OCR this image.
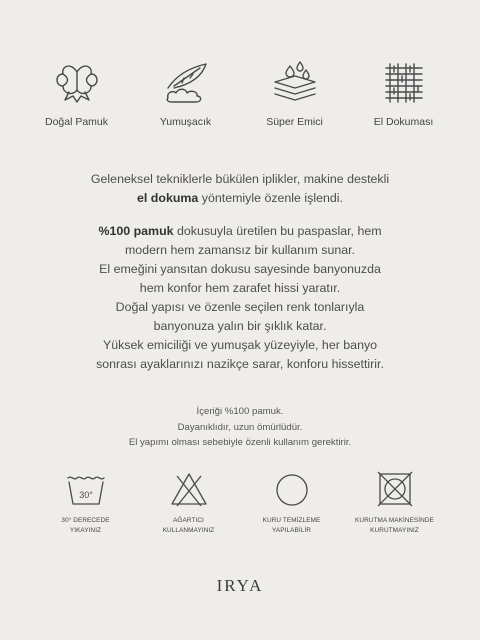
Doğal Pamuk	Yumuşacık	Süper Emici	El Dokuması

Geleneksel tekniklerle bükülen iplikler, makine destekli
el dokuma yöntemiyle özenle işlendi.

%100 pamuk dokusuyla üretilen bu paspaslar, hem
modern hem zamansız bir kullanım sunar.
El emeğini yansıtan dokusu sayesinde banyonuzda
hem konfor hem zarafet hissi yaratır.
Doğal yapısı ve özenle seçilen renk tonlarıyla
banyonuza yalın bir şıklık katar.
Yüksek emiciliği ve yumuşak yüzeyiyle, her banyo
sonrası ayaklarınızı nazikçe sarar, konforu hissettirir.

İçeriği %100 pamuk.
Dayanıklıdır, uzun ömürlüdür.
El yapımı olması sebebiyle özenli kullanım gerektirir.
30°
30° DERECEDE
YIKAYINIZ
AĞARTICI
KULLANMAYINIZ
KURU TEMİZLEME
YAPILABİLİR
KURUTMA MAKİNESİNDE
KURUTMAYINIZ
IRYA
